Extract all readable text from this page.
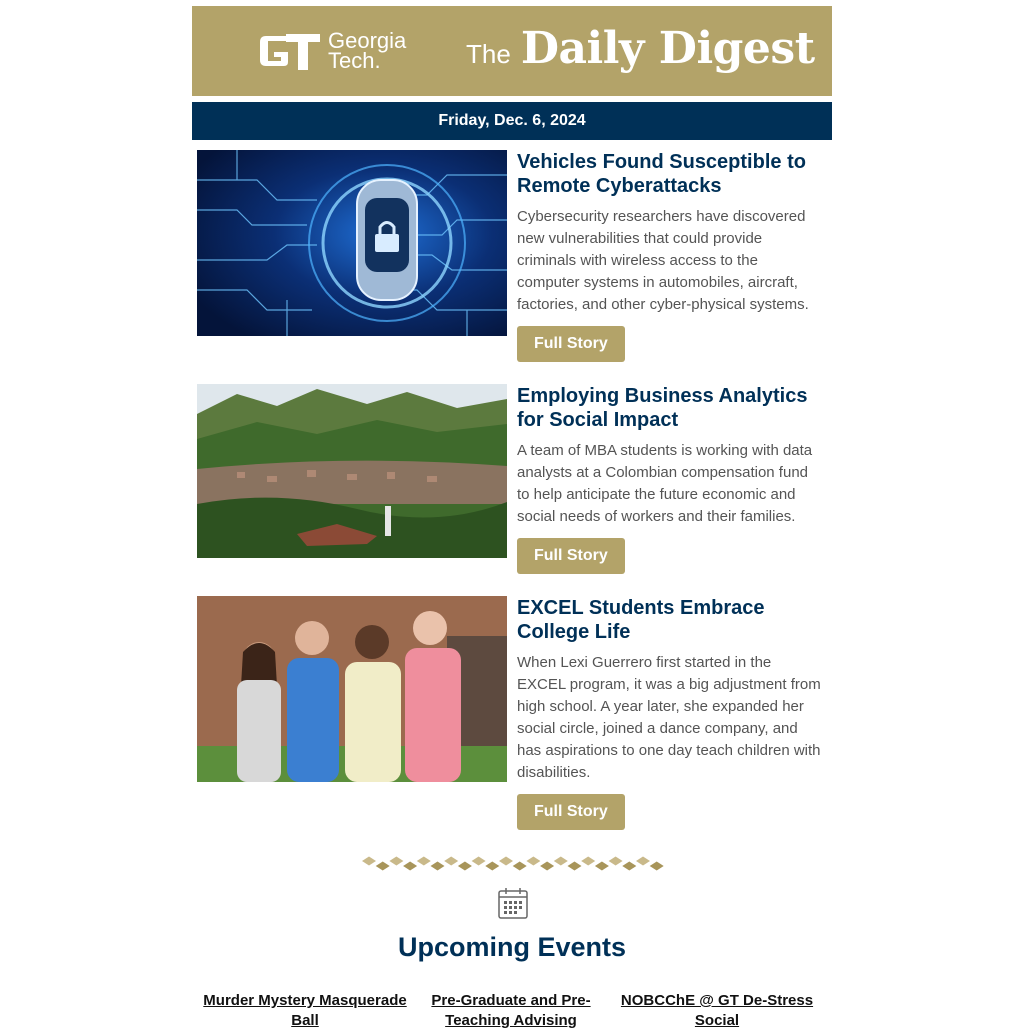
Georgia
Tech.	The Daily Digest
Friday, Dec. 6, 2024
Vehicles Found Susceptible to Remote Cyberattacks

Cybersecurity researchers have discovered new vulnerabilities that could provide criminals with wireless access to the computer systems in automobiles, aircraft, factories, and other cyber-physical systems.

Full Story
Employing Business Analytics for Social Impact

A team of MBA students is working with data analysts at a Colombian compensation fund to help anticipate the future economic and social needs of workers and their families.

Full Story
EXCEL Students Embrace College Life

When Lexi Guerrero first started in the EXCEL program, it was a big adjustment from high school. A year later, she expanded her social circle, joined a dance company, and has aspirations to one day teach children with disabilities.

Full Story
Upcoming Events
Murder Mystery Masquerade Ball
Pre-Graduate and Pre-Teaching Advising
NOBCChE @ GT De-Stress Social
